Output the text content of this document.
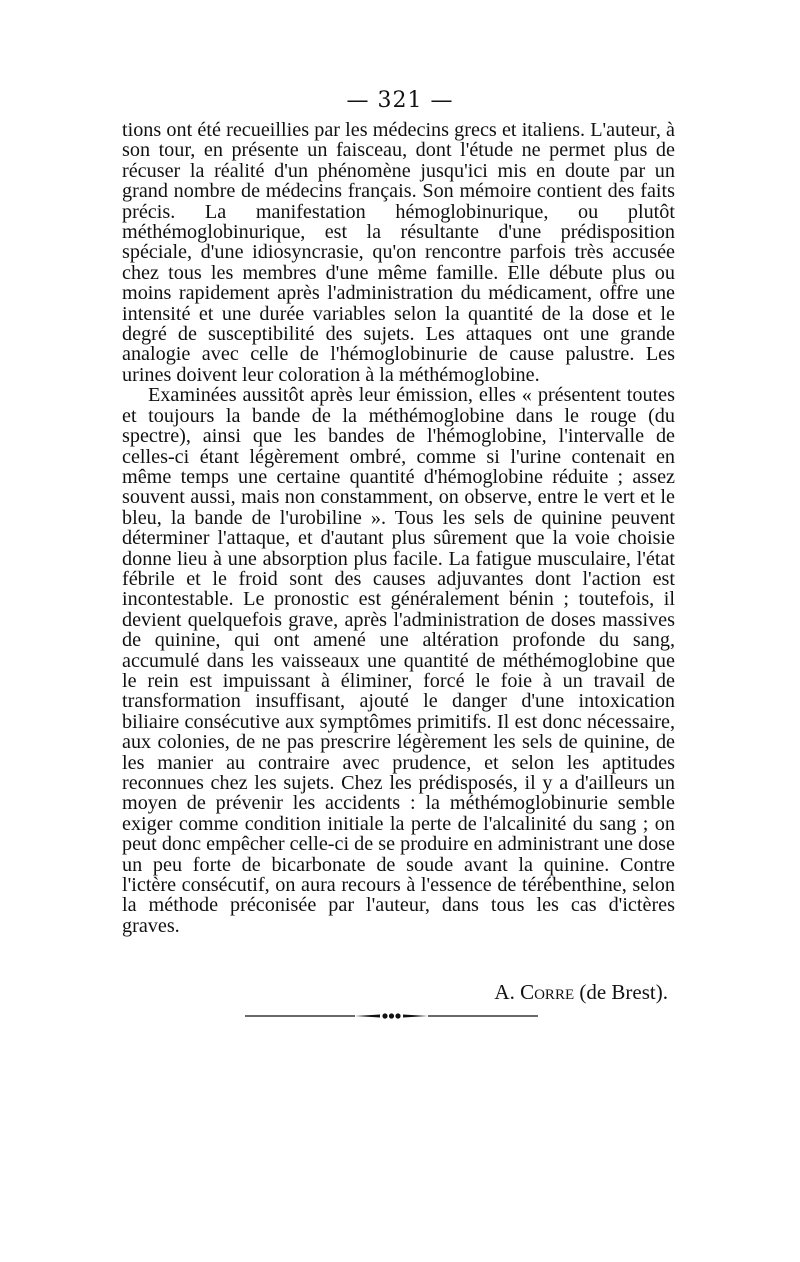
— 321 —

tions ont été recueillies par les médecins grecs et italiens. L'auteur, à son tour, en présente un faisceau, dont l'étude ne permet plus de récuser la réalité d'un phénomène jusqu'ici mis en doute par un grand nombre de médecins français. Son mémoire contient des faits précis. La manifestation hémoglobinurique, ou plutôt méthémoglobinurique, est la résultante d'une prédisposition spéciale, d'une idiosyncrasie, qu'on rencontre parfois très accusée chez tous les membres d'une même famille. Elle débute plus ou moins rapidement après l'administration du médicament, offre une intensité et une durée variables selon la quantité de la dose et le degré de susceptibilité des sujets. Les attaques ont une grande analogie avec celle de l'hémoglobinurie de cause palustre. Les urines doivent leur coloration à la méthémoglobine.

Examinées aussitôt après leur émission, elles « présentent toutes et toujours la bande de la méthémoglobine dans le rouge (du spectre), ainsi que les bandes de l'hémoglobine, l'intervalle de celles-ci étant légèrement ombré, comme si l'urine contenait en même temps une certaine quantité d'hémoglobine réduite ; assez souvent aussi, mais non constamment, on observe, entre le vert et le bleu, la bande de l'urobiline ». Tous les sels de quinine peuvent déterminer l'attaque, et d'autant plus sûrement que la voie choisie donne lieu à une absorption plus facile. La fatigue musculaire, l'état fébrile et le froid sont des causes adjuvantes dont l'action est incontestable. Le pronostic est généralement bénin ; toutefois, il devient quelquefois grave, après l'administration de doses massives de quinine, qui ont amené une altération profonde du sang, accumulé dans les vaisseaux une quantité de méthémoglobine que le rein est impuissant à éliminer, forcé le foie à un travail de transformation insuffisant, ajouté le danger d'une intoxication biliaire consécutive aux symptômes primitifs. Il est donc nécessaire, aux colonies, de ne pas prescrire légèrement les sels de quinine, de les manier au contraire avec prudence, et selon les aptitudes reconnues chez les sujets. Chez les prédisposés, il y a d'ailleurs un moyen de prévenir les accidents : la méthémoglobinurie semble exiger comme condition initiale la perte de l'alcalinité du sang ; on peut donc empêcher celle-ci de se produire en administrant une dose un peu forte de bicarbonate de soude avant la quinine. Contre l'ictère consécutif, on aura recours à l'essence de térébenthine, selon la méthode préconisée par l'auteur, dans tous les cas d'ictères graves.

A. Corre (de Brest).
